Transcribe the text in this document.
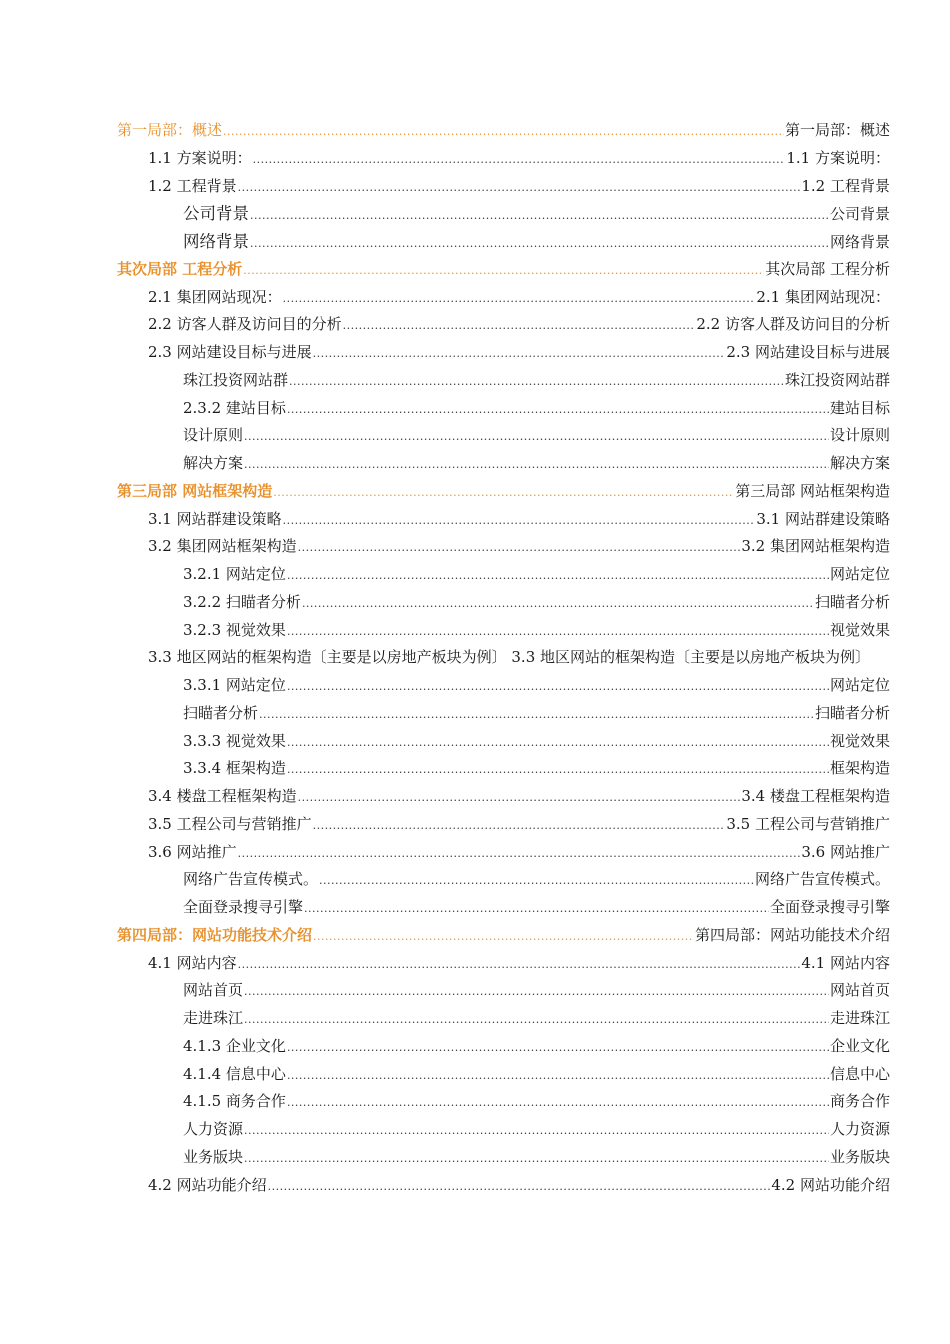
第一局部：概述 .....	第一局部：概述
1.1 方案说明： .....	1.1 方案说明：
1.2 工程背景 .....	1.2 工程背景
公司背景 .....	公司背景
网络背景 .....	网络背景
其次局部 工程分析 .....	其次局部 工程分析
2.1 集团网站现况： .....	2.1 集团网站现况：
2.2 访客人群及访问目的分析 .....	2.2 访客人群及访问目的分析
2.3 网站建设目标与进展 .....	2.3 网站建设目标与进展
珠江投资网站群 .....	珠江投资网站群
2.3.2 建站目标 .....	建站目标
设计原则 .....	设计原则
解决方案 .....	解决方案
第三局部 网站框架构造 .....	第三局部 网站框架构造
3.1 网站群建设策略 .....	3.1 网站群建设策略
3.2 集团网站框架构造 .....	3.2 集团网站框架构造
3.2.1 网站定位 .....	网站定位
3.2.2 扫瞄者分析 .....	扫瞄者分析
3.2.3 视觉效果 .....	视觉效果
3.3 地区网站的框架构造〔主要是以房地产板块为例〕 3.3 地区网站的框架构造〔主要是以房地产板块为例〕
3.3.1 网站定位 .....	网站定位
扫瞄者分析 .....	扫瞄者分析
3.3.3 视觉效果 .....	视觉效果
3.3.4 框架构造 .....	框架构造
3.4 楼盘工程框架构造 .....	3.4 楼盘工程框架构造
3.5 工程公司与营销推广 .....	3.5 工程公司与营销推广
3.6 网站推广 .....	3.6 网站推广
网络广告宣传模式。 .....	网络广告宣传模式。
全面登录搜寻引擎 .....	全面登录搜寻引擎
第四局部：网站功能技术介绍 .....	第四局部：网站功能技术介绍
4.1 网站内容 .....	4.1 网站内容
网站首页 .....	网站首页
走进珠江 .....	走进珠江
4.1.3 企业文化 .....	企业文化
4.1.4 信息中心 .....	信息中心
4.1.5 商务合作 .....	商务合作
人力资源 .....	人力资源
业务版块 .....	业务版块
4.2 网站功能介绍 .....	4.2 网站功能介绍
